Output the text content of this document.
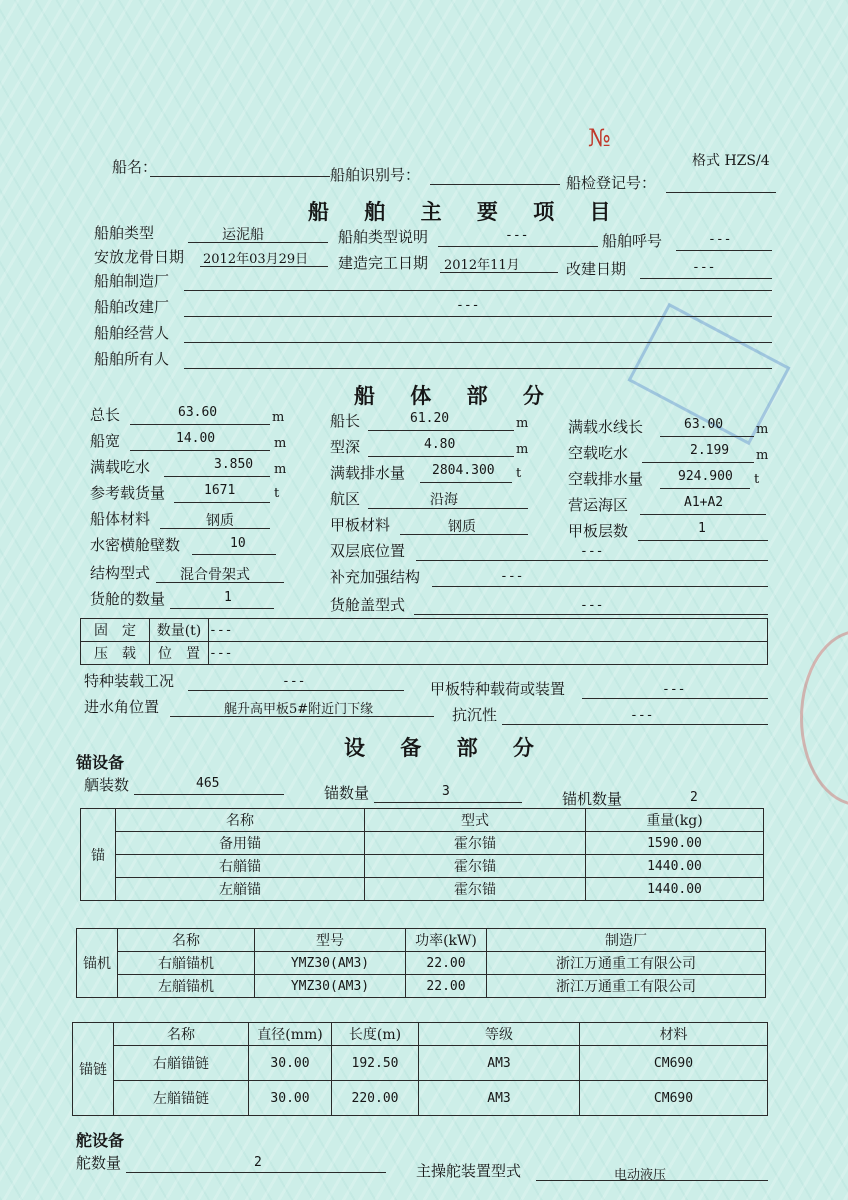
№
格式 HZS/4
船名：	船舶识别号：	船检登记号：
船 舶 主 要 项 目
船舶类型	运泥船	船舶类型说明	---	船舶呼号	---
安放龙骨日期 2012年03月29日 建造完工日期 2012年11月	改建日期	---
船舶制造厂
船舶改建厂	---
船舶经营人
船舶所有人
船 体 部 分
总长	63.60	m	船长	61.20	m	满载水线长	63.00	m
船宽	14.00	m	型深	4.80	m	空载吃水	2.199 m
满载吃水	3.850 m	满载排水量 2804.300 t	空载排水量	924.900 t
参考载货量	1671	t	航区	沿海	营运海区	A1+A2
船体材料	钢质	甲板材料	钢质	甲板层数	1
水密横舱壁数	10	双层底位置	---
结构型式 混合骨架式	补充加强结构	---
货舱的数量	1	货舱盖型式	---
固　定	数量(t)	---
压　载	位　置	---
特种装载工况	---	甲板特种载荷或装置	---
进水角位置	艉升高甲板5#附近门下缘	抗沉性	---
设 备 部 分
锚设备
舾装数	465
锚数量	3	锚机数量	2
锚	名称	型式	重量(kg)
	备用锚	霍尔锚	1590.00
	右艏锚	霍尔锚	1440.00
	左艏锚	霍尔锚	1440.00
锚机	名称	型号	功率(kW)	制造厂
	右艏锚机	YMZ30(AM3)	22.00	浙江万通重工有限公司
	左艏锚机	YMZ30(AM3)	22.00	浙江万通重工有限公司
锚链	名称	直径(mm)	长度(m)	等级	材料
	右艏锚链	30.00	192.50	AM3	CM690
	左艏锚链	30.00	220.00	AM3	CM690
舵设备
舵数量	2	主操舵装置型式	电动液压
